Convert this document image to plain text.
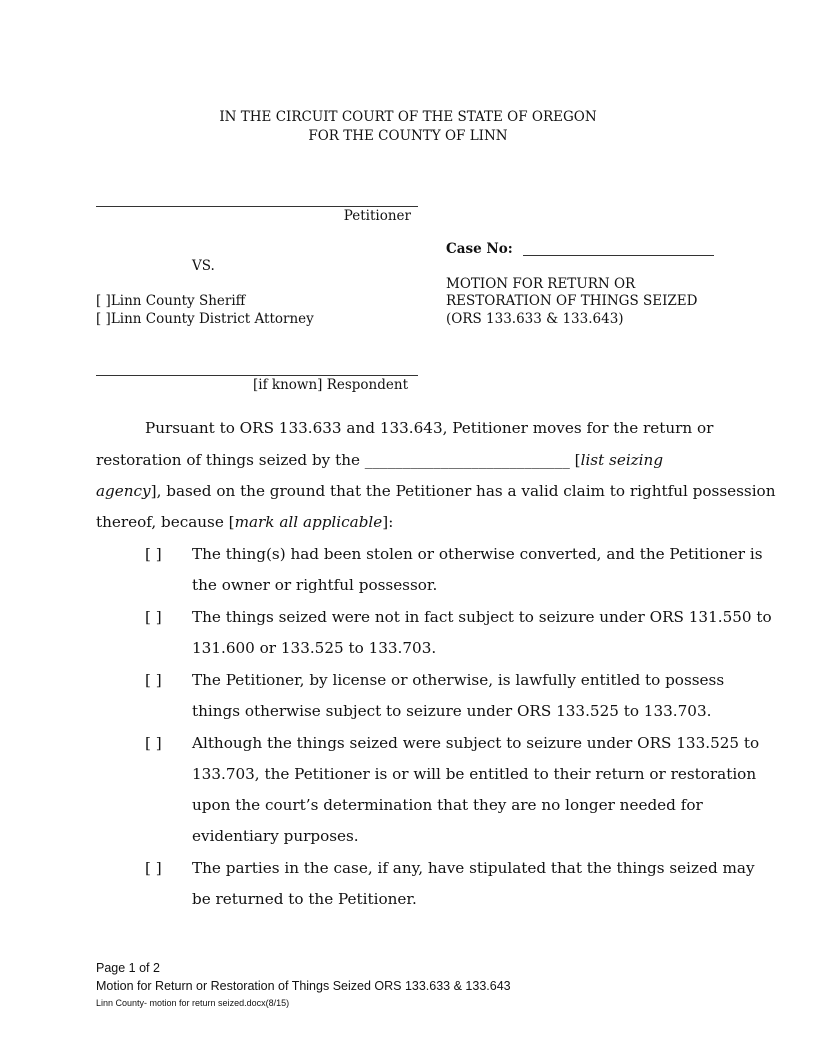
IN THE CIRCUIT COURT OF THE STATE OF OREGON
FOR THE COUNTY OF LINN
Petitioner
VS.
[ ]Linn County Sheriff
[ ]Linn County District Attorney
[if known] Respondent
Case No:
MOTION FOR RETURN OR
RESTORATION OF THINGS SEIZED
(ORS 133.633 & 133.643)
Pursuant to ORS 133.633 and 133.643, Petitioner moves for the return or
restoration of things seized by the ___________________________ [list seizing
agency], based on the ground that the Petitioner has a valid claim to rightful possession
thereof, because [mark all applicable]:
[ ] The thing(s) had been stolen or otherwise converted, and the Petitioner is
the owner or rightful possessor.
[ ] The things seized were not in fact subject to seizure under ORS 131.550 to
131.600 or 133.525 to 133.703.
[ ] The Petitioner, by license or otherwise, is lawfully entitled to possess
things otherwise subject to seizure under ORS 133.525 to 133.703.
[ ] Although the things seized were subject to seizure under ORS 133.525 to
133.703, the Petitioner is or will be entitled to their return or restoration
upon the court’s determination that they are no longer needed for
evidentiary purposes.
[ ] The parties in the case, if any, have stipulated that the things seized may
be returned to the Petitioner.
Page 1 of 2
Motion for Return or Restoration of Things Seized ORS 133.633 & 133.643
Linn County- motion for return seized.docx(8/15)
